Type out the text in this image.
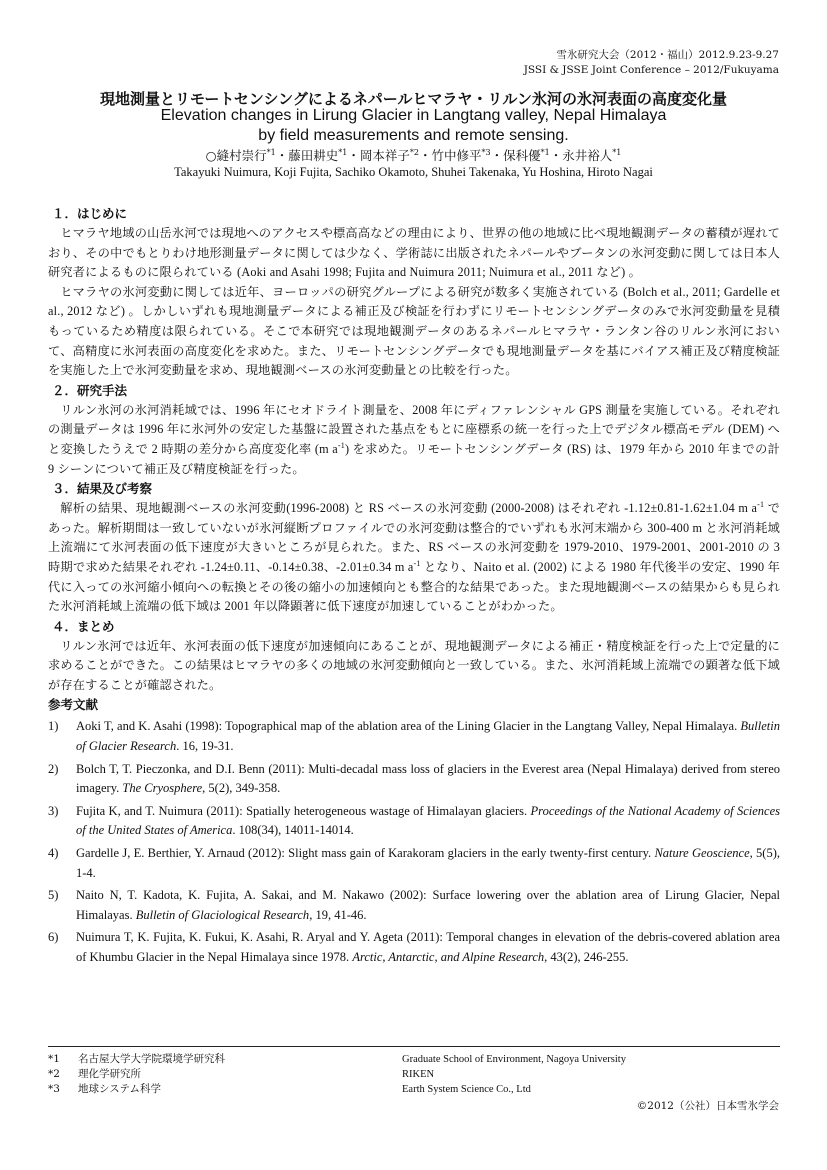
雪氷研究大会（2012・福山）2012.9.23-9.27
JSSI & JSSE Joint Conference – 2012/Fukuyama
現地測量とリモートセンシングによるネパールヒマラヤ・リルン氷河の氷河表面の高度変化量
Elevation changes in Lirung Glacier in Langtang valley, Nepal Himalaya
by field measurements and remote sensing.
○縫村崇行$^{*1}$・藤田耕史$^{*1}$・岡本祥子$^{*2}$・竹中修平$^{*3}$・保科優$^{*1}$・永井裕人$^{*1}$
Takayuki Nuimura, Koji Fujita, Sachiko Okamoto, Shuhei Takenaka, Yu Hoshina, Hiroto Nagai
１．はじめに

ヒマラヤ地域の山岳氷河では現地へのアクセスや標高高などの理由により、世界の他の地域に比べ現地観測データの蓄積が遅れており、その中でもとりわけ地形測量データに関しては少なく、学術誌に出版されたネパールやブータンの氷河変動に関しては日本人研究者によるものに限られている (Aoki and Asahi 1998; Fujita and Nuimura 2011; Nuimura et al., 2011 など) 。

ヒマラヤの氷河変動に関しては近年、ヨーロッパの研究グループによる研究が数多く実施されている (Bolch et al., 2011; Gardelle et al., 2012 など) 。しかしいずれも現地測量データによる補正及び検証を行わずにリモートセンシングデータのみで氷河変動量を見積もっているため精度は限られている。そこで本研究では現地観測データのあるネパールヒマラヤ・ランタン谷のリルン氷河において、高精度に氷河表面の高度変化を求めた。また、リモートセンシングデータでも現地測量データを基にバイアス補正及び精度検証を実施した上で氷河変動量を求め、現地観測ベースの氷河変動量との比較を行った。

２．研究手法

リルン氷河の氷河消耗域では、1996 年にセオドライト測量を、2008 年にディファレンシャル GPS 測量を実施している。それぞれの測量データは 1996 年に氷河外の安定した基盤に設置された基点をもとに座標系の統一を行った上でデジタル標高モデル (DEM) へと変換したうえで 2 時期の差分から高度変化率 (m $a^{-1}$) を求めた。リモートセンシングデータ (RS) は、1979 年から 2010 年までの計 9 シーンについて補正及び精度検証を行った。

３．結果及び考察

解析の結果、現地観測ベースの氷河変動(1996-2008) と RS ベースの氷河変動 (2000-2008) はそれぞれ -1.12±0.81-1.62±1.04 m $a^{-1}$ であった。解析期間は一致していないが氷河縦断プロファイルでの氷河変動は整合的でいずれも氷河末端から 300-400 m と氷河消耗域上流端にて氷河表面の低下速度が大きいところが見られた。また、RS ベースの氷河変動を 1979-2010、1979-2001、2001-2010 の 3 時期で求めた結果それぞれ -1.24±0.11、-0.14±0.38、-2.01±0.34 m $a^{-1}$ となり、Naito et al. (2002) による 1980 年代後半の安定、1990 年代に入っての氷河縮小傾向への転換とその後の縮小の加速傾向とも整合的な結果であった。また現地観測ベースの結果からも見られた氷河消耗域上流端の低下域は 2001 年以降顕著に低下速度が加速していることがわかった。

４．まとめ

リルン氷河では近年、氷河表面の低下速度が加速傾向にあることが、現地観測データによる補正・精度検証を行った上で定量的に求めることができた。この結果はヒマラヤの多くの地域の氷河変動傾向と一致している。また、氷河消耗域上流端での顕著な低下域が存在することが確認された。

参考文献
1) Aoki T, and K. Asahi (1998): Topographical map of the ablation area of the Lining Glacier in the Langtang Valley, Nepal Himalaya. Bulletin of Glacier Research. 16, 19-31.
2) Bolch T, T. Pieczonka, and D.I. Benn (2011): Multi-decadal mass loss of glaciers in the Everest area (Nepal Himalaya) derived from stereo imagery. The Cryosphere, 5(2), 349-358.
3) Fujita K, and T. Nuimura (2011): Spatially heterogeneous wastage of Himalayan glaciers. Proceedings of the National Academy of Sciences of the United States of America. 108(34), 14011-14014.
4) Gardelle J, E. Berthier, Y. Arnaud (2012): Slight mass gain of Karakoram glaciers in the early twenty-first century. Nature Geoscience, 5(5), 1-4.
5) Naito N, T. Kadota, K. Fujita, A. Sakai, and M. Nakawo (2002): Surface lowering over the ablation area of Lirung Glacier, Nepal Himalayas. Bulletin of Glaciological Research, 19, 41-46.
6) Nuimura T, K. Fujita, K. Fukui, K. Asahi, R. Aryal and Y. Ageta (2011): Temporal changes in elevation of the debris-covered ablation area of Khumbu Glacier in the Nepal Himalaya since 1978. Arctic, Antarctic, and Alpine Research, 43(2), 246-255.
*1	名古屋大学大学院環境学研究科	Graduate School of Environment, Nagoya University
*2	理化学研究所	RIKEN
*3	地球システム科学	Earth System Science Co., Ltd
©2012（公社）日本雪氷学会
